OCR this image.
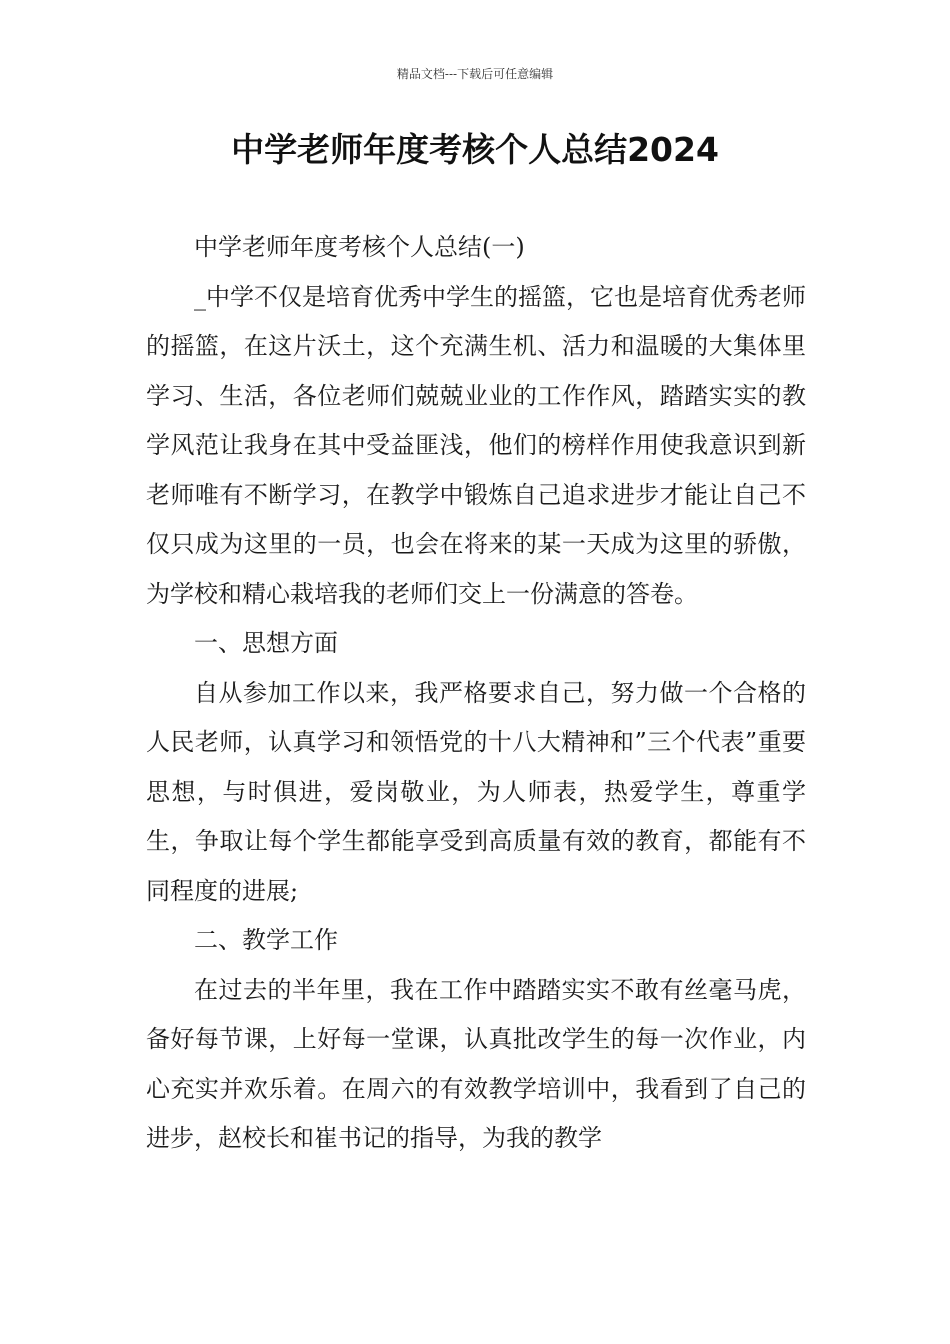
精品文档---下载后可任意编辑
中学老师年度考核个人总结2024

中学老师年度考核个人总结(一)

_中学不仅是培育优秀中学生的摇篮，它也是培育优秀老师的摇篮，在这片沃土，这个充满生机、活力和温暖的大集体里学习、生活，各位老师们兢兢业业的工作作风，踏踏实实的教学风范让我身在其中受益匪浅，他们的榜样作用使我意识到新老师唯有不断学习，在教学中锻炼自己追求进步才能让自己不仅只成为这里的一员，也会在将来的某一天成为这里的骄傲，为学校和精心栽培我的老师们交上一份满意的答卷。

一、思想方面

自从参加工作以来，我严格要求自己，努力做一个合格的人民老师，认真学习和领悟党的十八大精神和”三个代表”重要思想，与时俱进，爱岗敬业，为人师表，热爱学生，尊重学生，争取让每个学生都能享受到高质量有效的教育，都能有不同程度的进展;

二、教学工作

在过去的半年里，我在工作中踏踏实实不敢有丝毫马虎，备好每节课，上好每一堂课，认真批改学生的每一次作业，内心充实并欢乐着。在周六的有效教学培训中，我看到了自己的进步，赵校长和崔书记的指导，为我的教学
